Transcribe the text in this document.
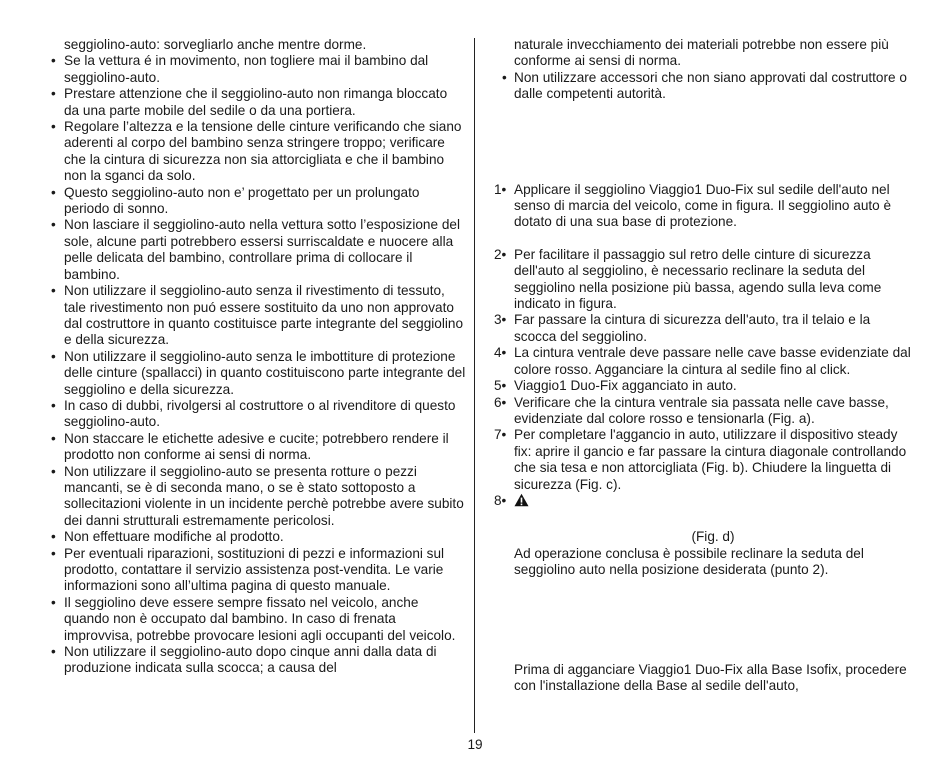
seggiolino-auto: sorvegliarlo anche mentre dorme.

• Se la vettura é in movimento, non togliere mai il bambino dal seggiolino-auto.
• Prestare attenzione che il seggiolino-auto non rimanga bloccato da una parte mobile del sedile o da una portiera.
• Regolare l’altezza e la tensione delle cinture verificando che siano aderenti al corpo del bambino senza stringere troppo; verificare che la cintura di sicurezza non sia attorcigliata e che il bambino non la sganci da solo.
• Questo seggiolino-auto non e’ progettato per un prolungato periodo di sonno.
• Non lasciare il seggiolino-auto nella vettura sotto l’esposizione del sole, alcune parti potrebbero essersi surriscaldate e nuocere alla pelle delicata del bambino, controllare prima di collocare il bambino.
• Non utilizzare il seggiolino-auto senza il rivestimento di tessuto, tale rivestimento non puó essere sostituito da uno non approvato dal costruttore in quanto costituisce parte integrante del seggiolino e della sicurezza.
• Non utilizzare il seggiolino-auto senza le imbottiture di protezione delle cinture (spallacci) in quanto costituiscono parte integrante del seggiolino e della sicurezza.
• In caso di dubbi, rivolgersi al costruttore o al rivenditore di questo seggiolino-auto.
• Non staccare le etichette adesive e cucite; potrebbero rendere il prodotto non conforme ai sensi di norma.
• Non utilizzare il seggiolino-auto se presenta rotture o pezzi mancanti, se è di seconda mano, o se è stato sottoposto a sollecitazioni violente in un incidente perchè potrebbe avere subito dei danni strutturali estremamente pericolosi.
• Non effettuare modifiche al prodotto.
• Per eventuali riparazioni, sostituzioni di pezzi e informazioni sul prodotto, contattare il servizio assistenza post-vendita. Le varie informazioni sono all’ultima pagina di questo manuale.
• Il seggiolino deve essere sempre fissato nel veicolo, anche quando non è occupato dal bambino. In caso di frenata improvvisa, potrebbe provocare lesioni agli occupanti del veicolo.
• Non utilizzare il seggiolino-auto dopo cinque anni dalla data di produzione indicata sulla scocca; a causa del

naturale invecchiamento dei materiali potrebbe non essere più conforme ai sensi di norma.

• Non utilizzare accessori che non siano approvati dal costruttore o dalle competenti autorità.
1• Applicare il seggiolino Viaggio1 Duo-Fix sul sedile dell'auto nel senso di marcia del veicolo, come in figura. Il seggiolino auto è dotato di una sua base di protezione.
2• Per facilitare il passaggio sul retro delle cinture di sicurezza dell'auto al seggiolino, è necessario reclinare la seduta del seggiolino nella posizione più bassa, agendo sulla leva come indicato in figura.
3• Far passare la cintura di sicurezza dell'auto, tra il telaio e la scocca del seggiolino.
4• La cintura ventrale deve passare nelle cave basse evidenziate dal colore rosso. Agganciare la cintura al sedile fino al click.
5• Viaggio1 Duo-Fix agganciato in auto.
6• Verificare che la cintura ventrale sia passata nelle cave basse, evidenziate dal colore rosso e tensionarla (Fig. a).
7• Per completare l'aggancio in auto, utilizzare il dispositivo steady fix: aprire il gancio e far passare la cintura diagonale controllando che sia tesa e non attorcigliata (Fig. b). Chiudere la linguetta di sicurezza (Fig. c).
8•
(Fig. d)

Ad operazione conclusa è possibile reclinare la seduta del seggiolino auto nella posizione desiderata (punto 2).

Prima di agganciare Viaggio1 Duo-Fix alla Base Isofix, procedere con l'installazione della Base al sedile dell'auto,

19
